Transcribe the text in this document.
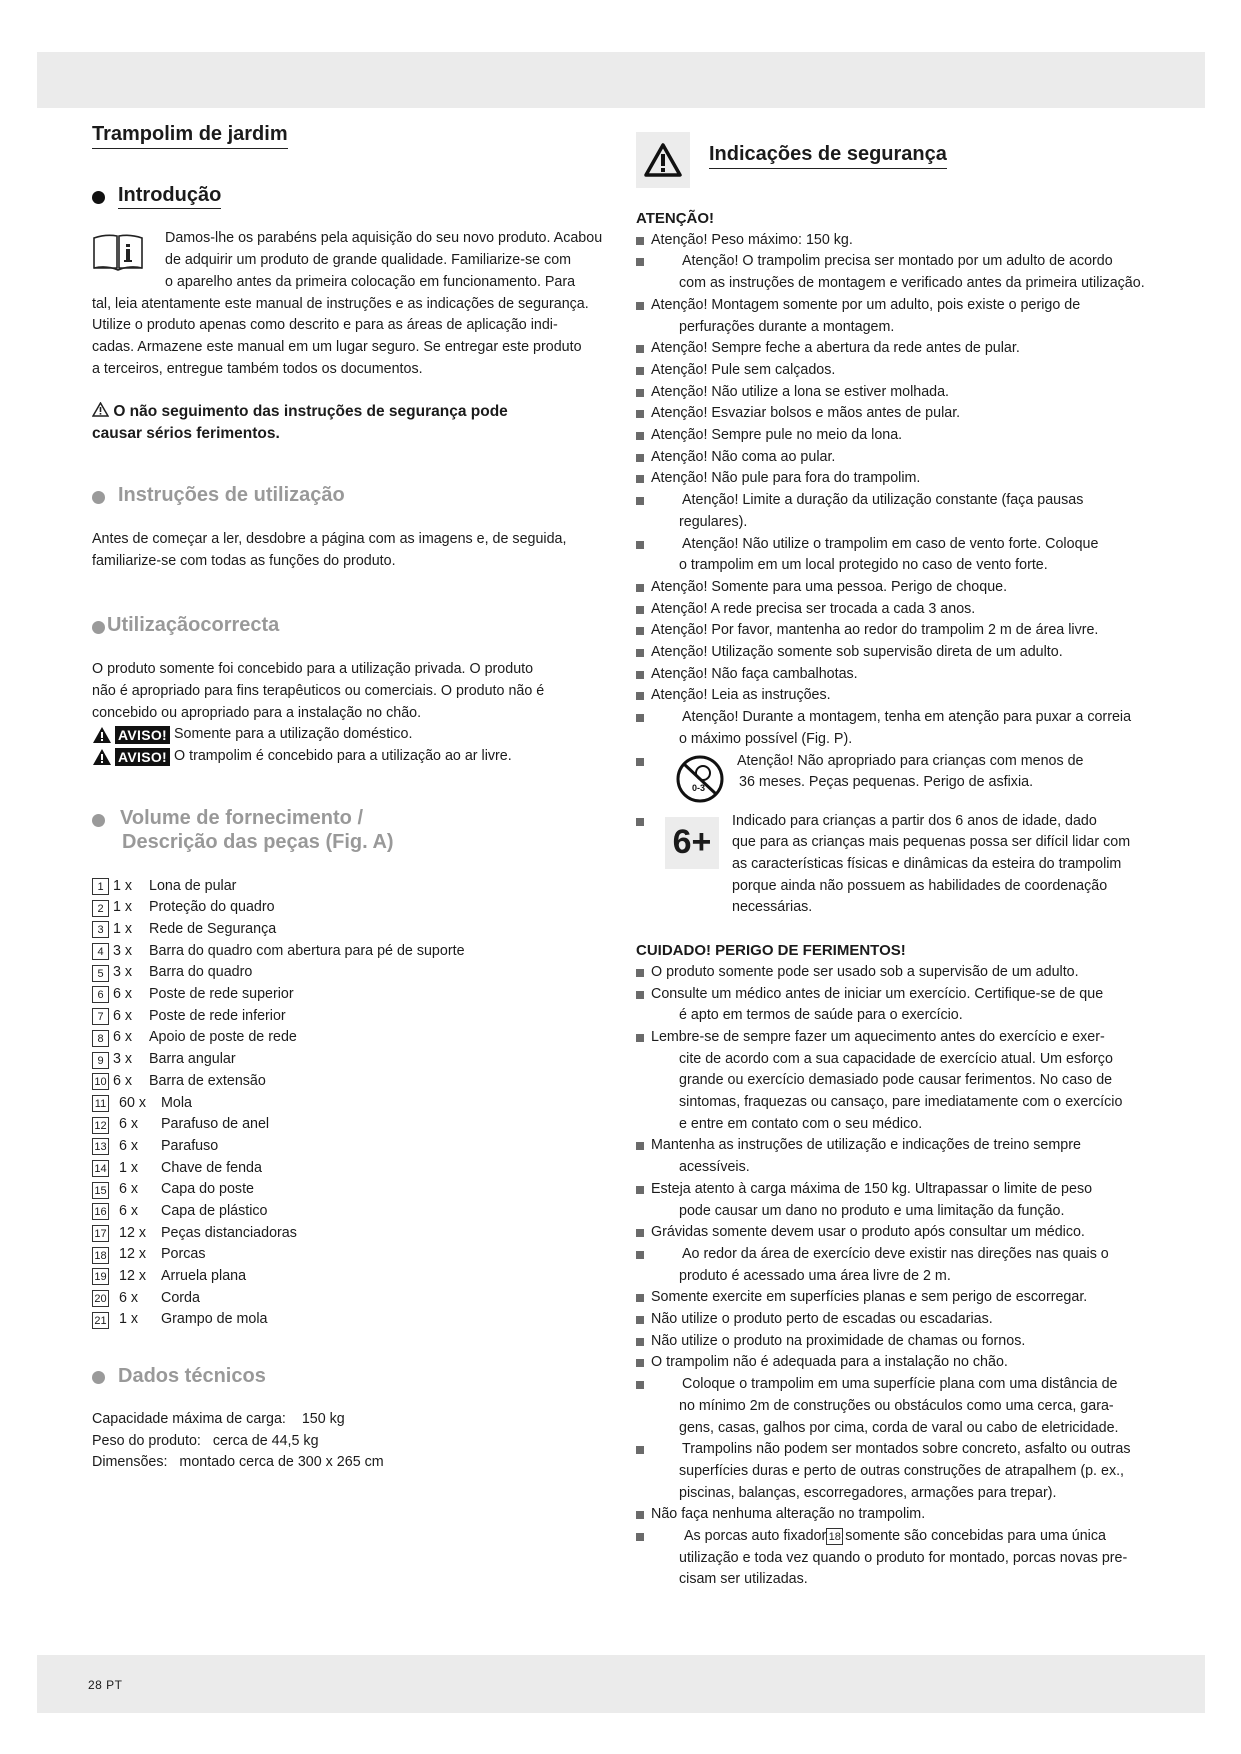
28 PT
Trampolim de jardim
Introdução
Damos-lhe os parabéns pela aquisição do seu novo produto. Acabou
de adquirir um produto de grande qualidade. Familiarize-se com
o aparelho antes da primeira colocação em funcionamento. Para
tal, leia atentamente este manual de instruções e as indicações de segurança.
Utilize o produto apenas como descrito e para as áreas de aplicação indi-
cadas. Armazene este manual em um lugar seguro. Se entregar este produto
a terceiros, entregue também todos os documentos.
O não seguimento das instruções de segurança pode
causar sérios ferimentos.
Instruções de utilização
Antes de começar a ler, desdobre a página com as imagens e, de seguida,
familiarize-se com todas as funções do produto.
Utilizaçãocorrecta
O produto somente foi concebido para a utilização privada. O produto
não é apropriado para fins terapêuticos ou comerciais. O produto não é
concebido ou apropriado para a instalação no chão.
AVISO! Somente para a utilização doméstico.
AVISO! O trampolim é concebido para a utilização ao ar livre.
Volume de fornecimento /
Descrição das peças (Fig. A)
1 1 x	Lona de pular
2 1 x	Proteção do quadro
3 1 x	Rede de Segurança
4 3 x	Barra do quadro com abertura para pé de suporte
5 3 x	Barra do quadro
6 6 x	Poste de rede superior
7 6 x	Poste de rede inferior
8 6 x	Apoio de poste de rede
9 3 x	Barra angular
10 6 x	Barra de extensão
11 60 x	Mola
12 6 x	Parafuso de anel
13 6 x	Parafuso
14 1 x	Chave de fenda
15 6 x	Capa do poste
16 6 x	Capa de plástico
17 12 x	Peças distanciadoras
18 12 x	Porcas
19 12 x	Arruela plana
20 6 x	Corda
21 1 x	Grampo de mola
Dados técnicos
Capacidade máxima de carga: 150 kg
Peso do produto: cerca de 44,5 kg
Dimensões: montado cerca de 300 x 265 cm
Indicações de segurança
ATENÇÃO!
Atenção! Peso máximo: 150 kg.
Atenção! O trampolim precisa ser montado por um adulto de acordo
com as instruções de montagem e verificado antes da primeira utilização.
Atenção! Montagem somente por um adulto, pois existe o perigo de
perfurações durante a montagem.
Atenção! Sempre feche a abertura da rede antes de pular.
Atenção! Pule sem calçados.
Atenção! Não utilize a lona se estiver molhada.
Atenção! Esvaziar bolsos e mãos antes de pular.
Atenção! Sempre pule no meio da lona.
Atenção! Não coma ao pular.
Atenção! Não pule para fora do trampolim.
Atenção! Limite a duração da utilização constante (faça pausas
regulares).
Atenção! Não utilize o trampolim em caso de vento forte. Coloque
o trampolim em um local protegido no caso de vento forte.
Atenção! Somente para uma pessoa. Perigo de choque.
Atenção! A rede precisa ser trocada a cada 3 anos.
Atenção! Por favor, mantenha ao redor do trampolim 2 m de área livre.
Atenção! Utilização somente sob supervisão direta de um adulto.
Atenção! Não faça cambalhotas.
Atenção! Leia as instruções.
Atenção! Durante a montagem, tenha em atenção para puxar a correia
o máximo possível (Fig. P).
0-3
Atenção! Não apropriado para crianças com menos de
36 meses. Peças pequenas. Perigo de asfixia.
6+
Indicado para crianças a partir dos 6 anos de idade, dado
que para as crianças mais pequenas possa ser difícil lidar com
as características físicas e dinâmicas da esteira do trampolim
porque ainda não possuem as habilidades de coordenação
necessárias.
CUIDADO! PERIGO DE FERIMENTOS!
O produto somente pode ser usado sob a supervisão de um adulto.
Consulte um médico antes de iniciar um exercício. Certifique-se de que
é apto em termos de saúde para o exercício.
Lembre-se de sempre fazer um aquecimento antes do exercício e exer-
cite de acordo com a sua capacidade de exercício atual. Um esforço
grande ou exercício demasiado pode causar ferimentos. No caso de
sintomas, fraquezas ou cansaço, pare imediatamente com o exercício
e entre em contato com o seu médico.
Mantenha as instruções de utilização e indicações de treino sempre
acessíveis.
Esteja atento à carga máxima de 150 kg. Ultrapassar o limite de peso
pode causar um dano no produto e uma limitação da função.
Grávidas somente devem usar o produto após consultar um médico.
Ao redor da área de exercício deve existir nas direções nas quais o
produto é acessado uma área livre de 2 m.
Somente exercite em superfícies planas e sem perigo de escorregar.
Não utilize o produto perto de escadas ou escadarias.
Não utilize o produto na proximidade de chamas ou fornos.
O trampolim não é adequada para a instalação no chão.
Coloque o trampolim em uma superfície plana com uma distância de
no mínimo 2m de construções ou obstáculos como uma cerca, gara-
gens, casas, galhos por cima, corda de varal ou cabo de eletricidade.
Trampolins não podem ser montados sobre concreto, asfalto ou outras
superfícies duras e perto de outras construções de atrapalhem (p. ex.,
piscinas, balanças, escorregadores, armações para trepar).
Não faça nenhuma alteração no trampolim.
As porcas auto fixador 18 somente são concebidas para uma única
utilização e toda vez quando o produto for montado, porcas novas pre-
cisam ser utilizadas.
